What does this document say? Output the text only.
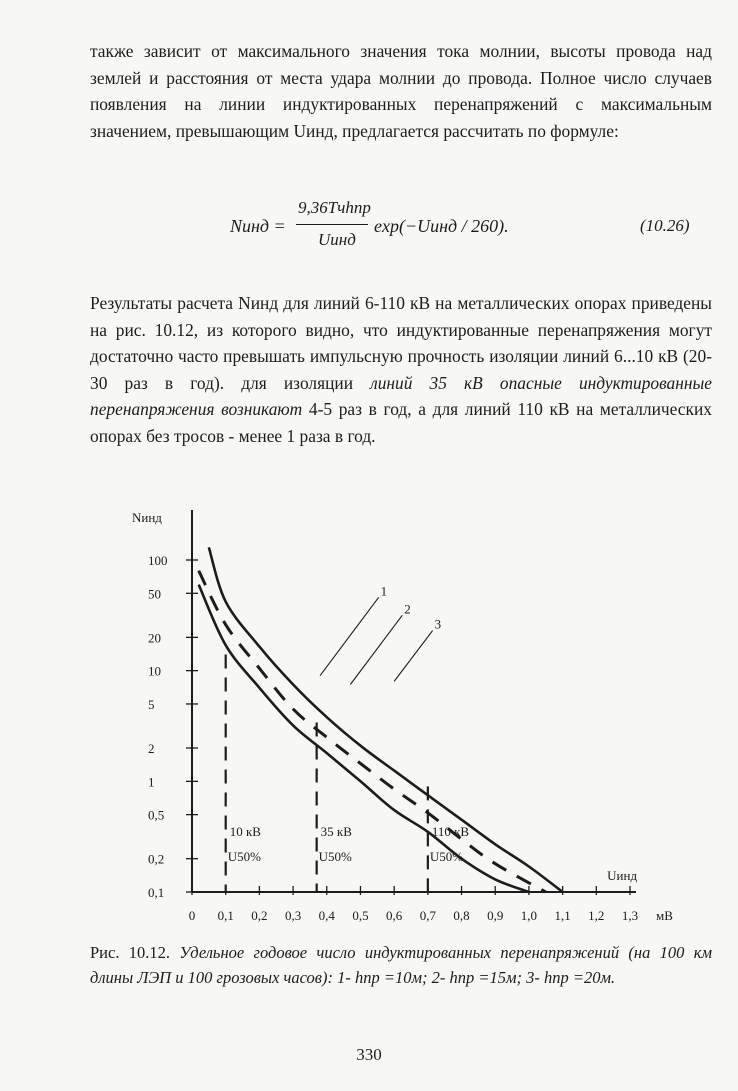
также зависит от максимального значения тока молнии, высоты провода над землей и расстояния от места удара молнии до провода. Полное число случаев появления на линии индуктированных перенапряжений с максимальным значением, превышающим Uинд, предлагается рассчитать по формуле:
Nинд =
9,36Tчhпр
Uинд
exp(−Uинд / 260).	(10.26)
Результаты расчета Nинд для линий 6-110 кВ на металлических опорах приведены на рис. 10.12, из которого видно, что индуктированные перенапряжения могут достаточно часто превышать импульсную прочность изоляции линий 6...10 кВ (20-30 раз в год). для изоляции линий 35 кВ опасные индуктированные перенапряжения возникают 4-5 раз в год, а для линий 110 кВ на металлических опорах без тросов - менее 1 раза в год.
Nинд
0,1
0,2
0,5
1
2
5
10
20
50
100
0 0,1 0,2 0,3 0,4 0,5 0,6 0,7 0,8 0,9 1,0 1,1 1,2 1,3 мВ
Uинд
1
2
3
10 кВ
U50%
35 кВ
U50%
110 кВ
U50%
Рис. 10.12. Удельное годовое число индуктированных перенапряжений (на 100 км длины ЛЭП и 100 грозовых часов): 1- hпр =10м; 2- hпр =15м; 3- hпр =20м.
330
